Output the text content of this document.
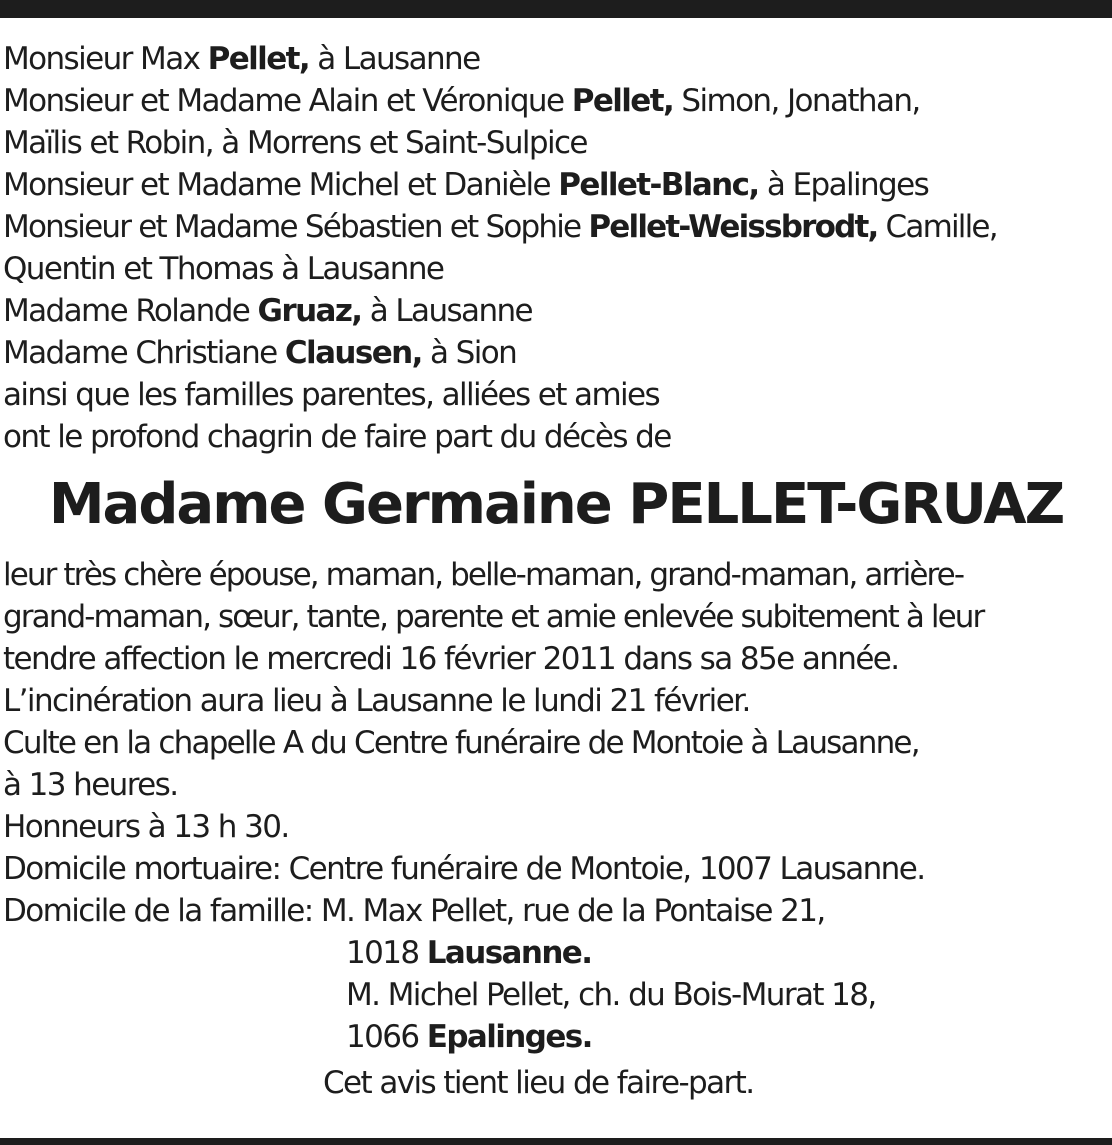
Monsieur Max Pellet, à Lausanne
Monsieur et Madame Alain et Véronique Pellet, Simon, Jonathan,
Maïlis et Robin, à Morrens et Saint-Sulpice
Monsieur et Madame Michel et Danièle Pellet-Blanc, à Epalinges
Monsieur et Madame Sébastien et Sophie Pellet-Weissbrodt, Camille,
Quentin et Thomas à Lausanne
Madame Rolande Gruaz, à Lausanne
Madame Christiane Clausen, à Sion
ainsi que les familles parentes, alliées et amies
ont le profond chagrin de faire part du décès de
Madame Germaine PELLET-GRUAZ
leur très chère épouse, maman, belle-maman, grand-maman, arrière-
grand-maman, sœur, tante, parente et amie enlevée subitement à leur
tendre affection le mercredi 16 février 2011 dans sa 85e année.
L’incinération aura lieu à Lausanne le lundi 21 février.
Culte en la chapelle A du Centre funéraire de Montoie à Lausanne,
à 13 heures.
Honneurs à 13 h 30.
Domicile mortuaire: Centre funéraire de Montoie, 1007 Lausanne.
Domicile de la famille: M. Max Pellet, rue de la Pontaise 21,
1018 Lausanne.
M. Michel Pellet, ch. du Bois-Murat 18,
1066 Epalinges.
Cet avis tient lieu de faire-part.
